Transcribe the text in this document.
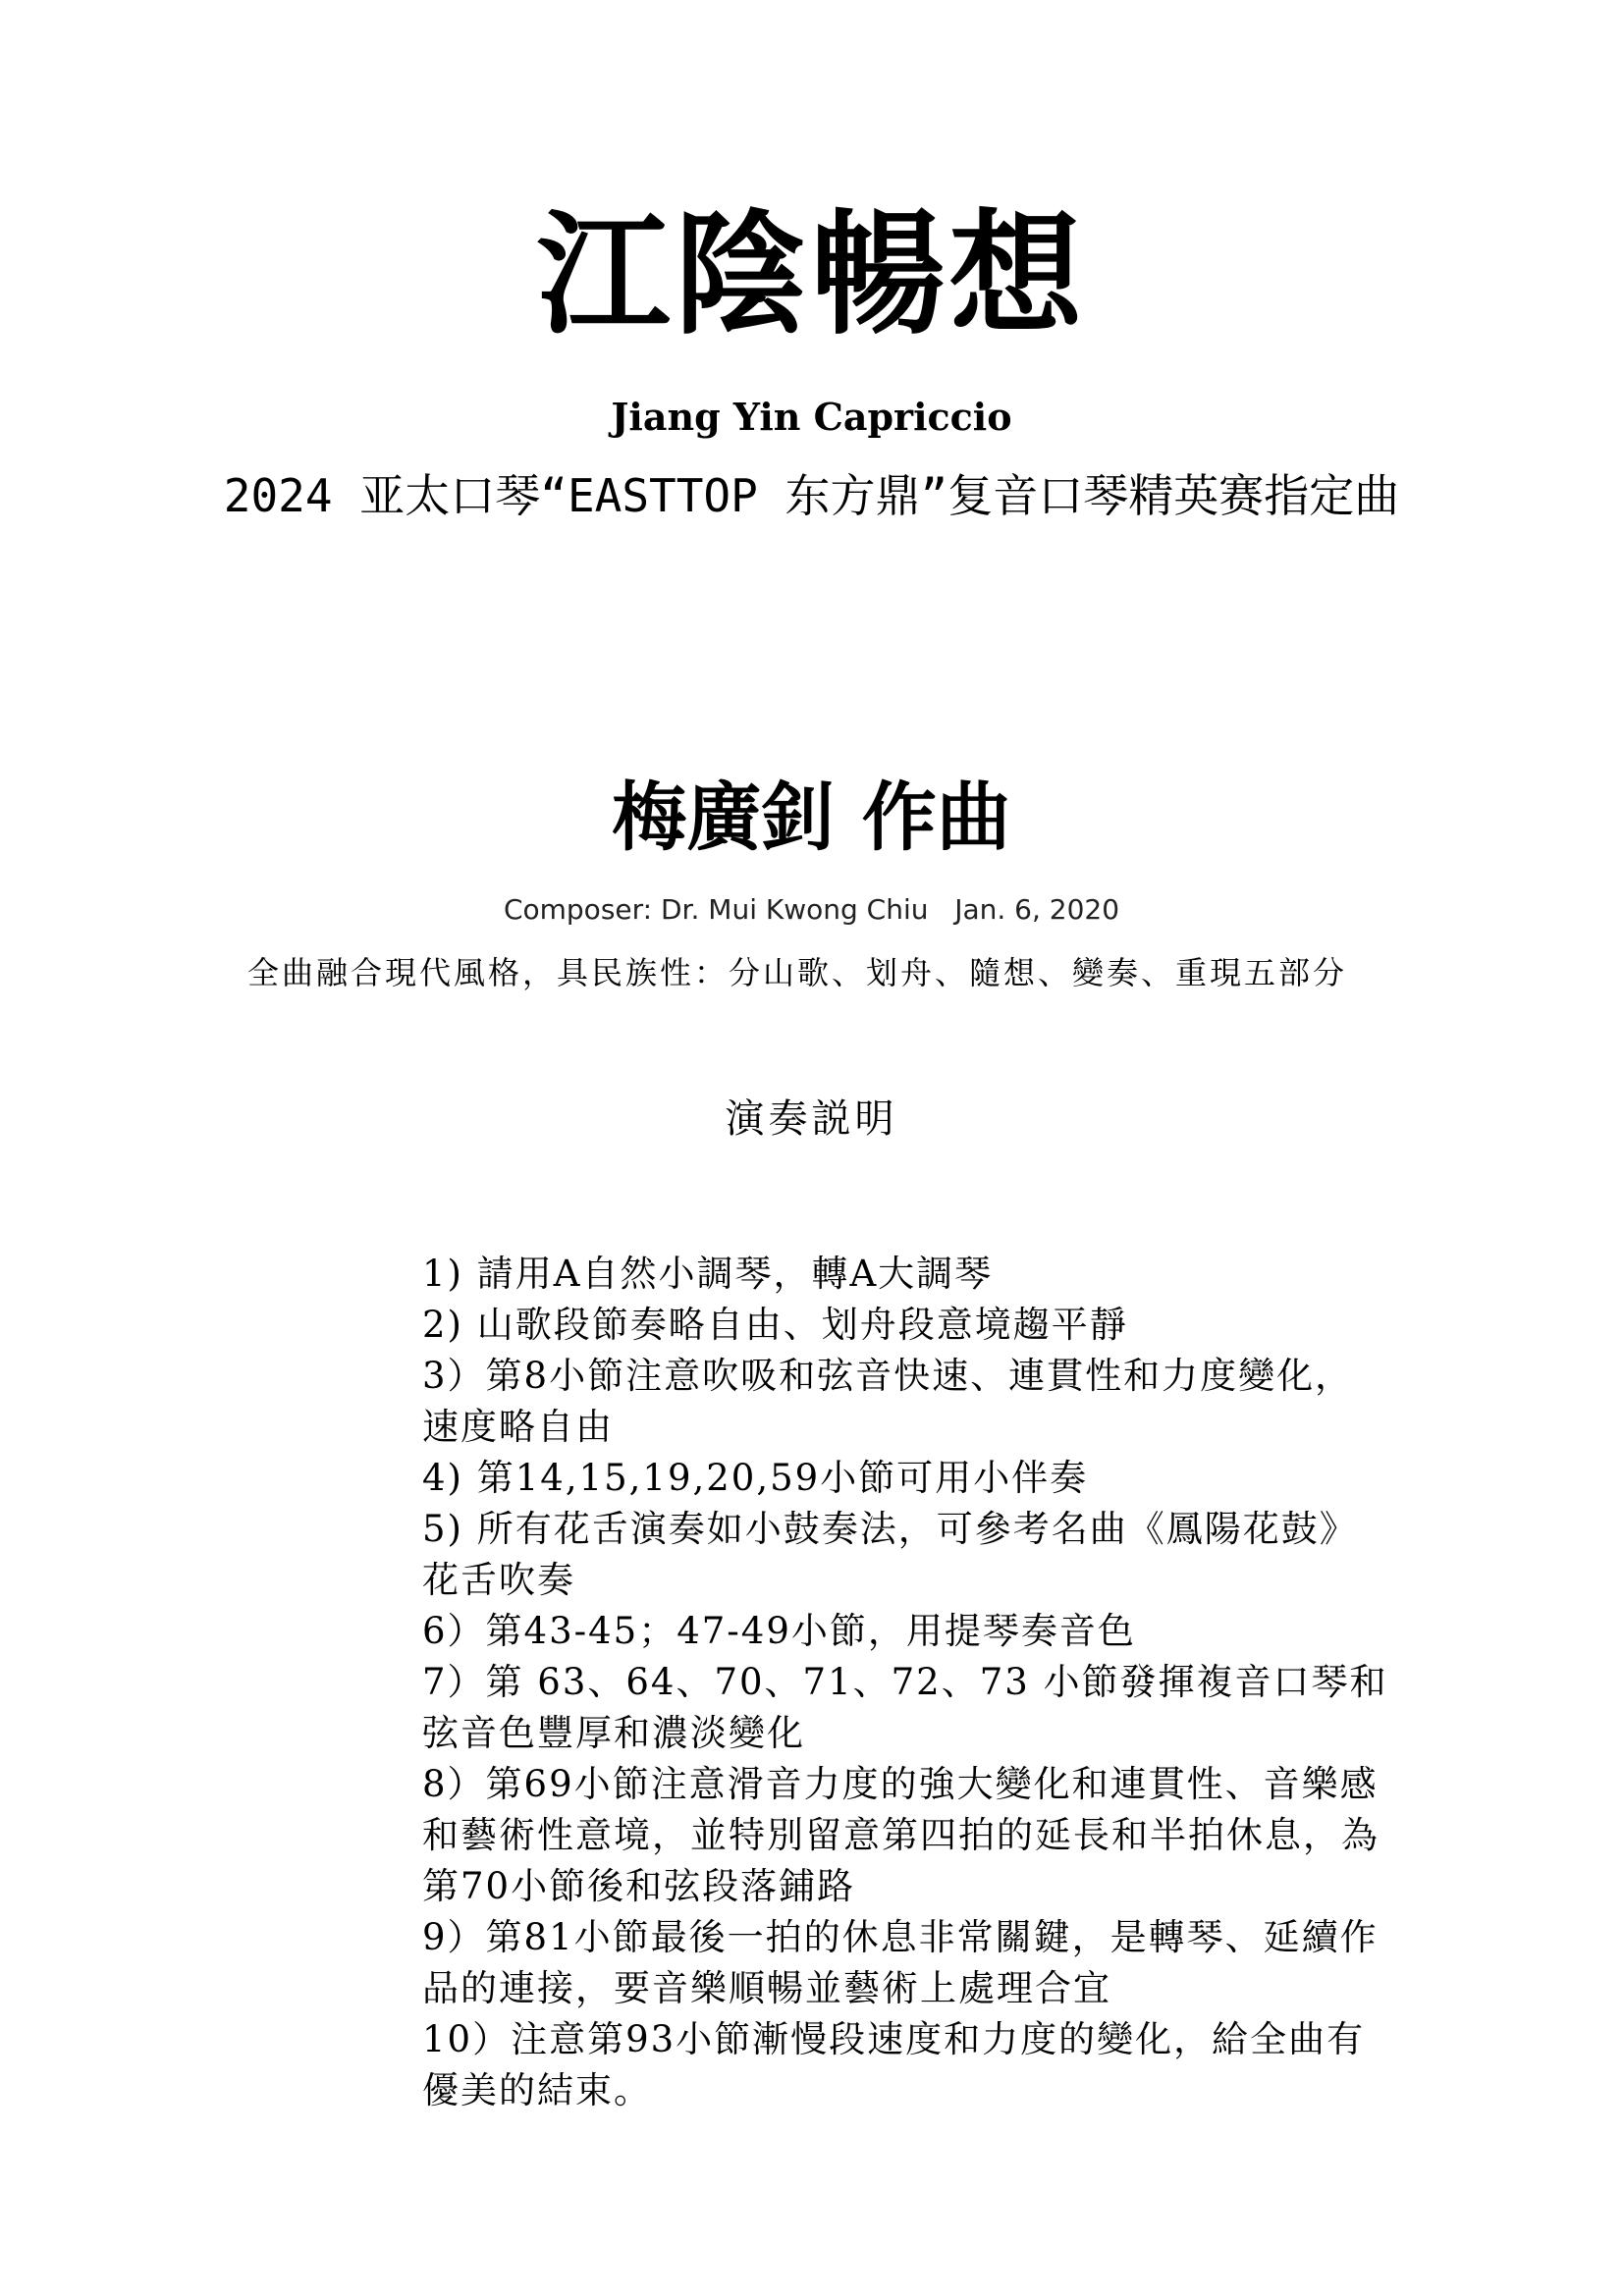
江陰暢想
Jiang Yin Capriccio
2024 亚太口琴“EASTTOP 东方鼎”复音口琴精英赛指定曲
梅廣釗 作曲
Composer: Dr. Mui Kwong Chiu   Jan. 6, 2020
全曲融合現代風格，具民族性：分山歌、划舟、隨想、變奏、重現五部分
演奏説明
1) 請用A自然小調琴，轉A大調琴
2) 山歌段節奏略自由、划舟段意境趨平靜
3）第8小節注意吹吸和弦音快速、連貫性和力度變化，速度略自由
4) 第14,15,19,20,59小節可用小伴奏
5) 所有花舌演奏如小鼓奏法，可參考名曲《鳳陽花鼓》花舌吹奏
6）第43-45；47-49小節，用提琴奏音色
7）第 63、64、70、71、72、73 小節發揮複音口琴和弦音色豐厚和濃淡變化
8）第69小節注意滑音力度的強大變化和連貫性、音樂感和藝術性意境，並特別留意第四拍的延長和半拍休息，為第70小節後和弦段落鋪路
9）第81小節最後一拍的休息非常關鍵，是轉琴、延續作品的連接，要音樂順暢並藝術上處理合宜
10）注意第93小節漸慢段速度和力度的變化，給全曲有優美的結束。
